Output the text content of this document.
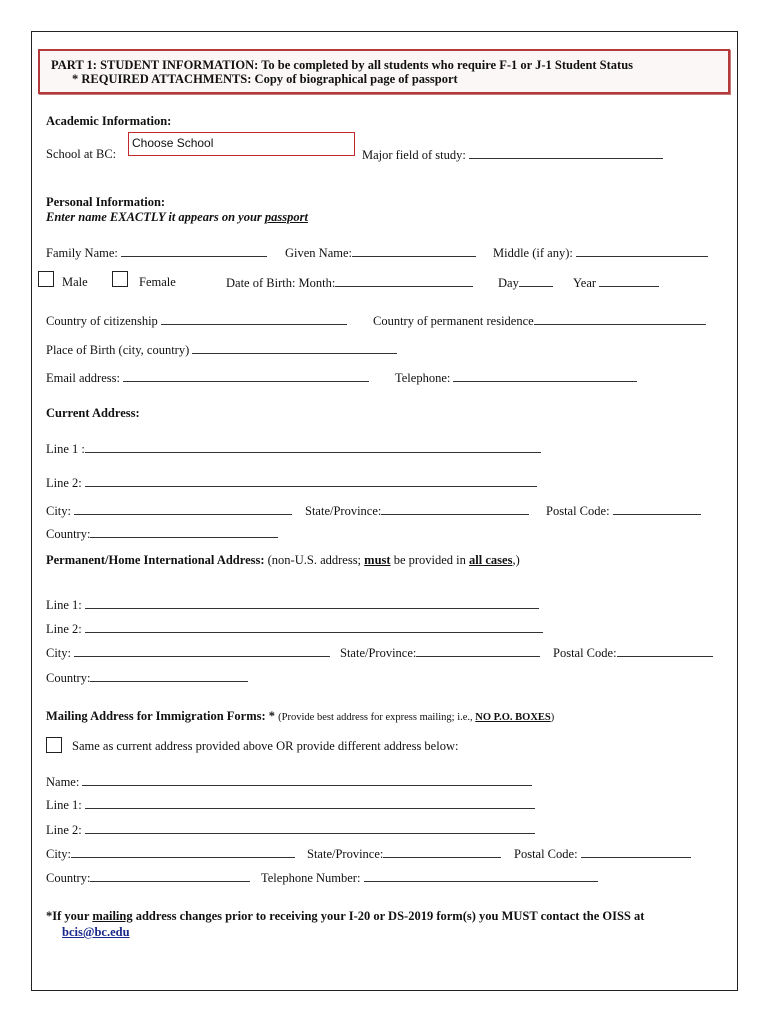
PART 1: STUDENT INFORMATION: To be completed by all students who require F-1 or J-1 Student Status
* REQUIRED ATTACHMENTS: Copy of biographical page of passport
Academic Information:
School at BC:
Choose School
Major field of study:
Personal Information:
Enter name EXACTLY it appears on your passport
Family Name:	Given Name:	Middle (if any):
Male	Female	Date of Birth: Month:	Day	Year
Country of citizenship	Country of permanent residence
Place of Birth (city, country)
Email address:	Telephone:
Current Address:
Line 1 :
Line 2:
City:	State/Province:	Postal Code:
Country:
Permanent/Home International Address: (non-U.S. address; must be provided in all cases,)
Line 1:
Line 2:
City:	State/Province:	Postal Code:
Country:
Mailing Address for Immigration Forms: * (Provide best address for express mailing; i.e., NO P.O. BOXES)
Same as current address provided above OR provide different address below:
Name:
Line 1:
Line 2:
City:	State/Province:	Postal Code:
Country:	Telephone Number:
*If your mailing address changes prior to receiving your I-20 or DS-2019 form(s) you MUST contact the OISS at
bcis@bc.edu
